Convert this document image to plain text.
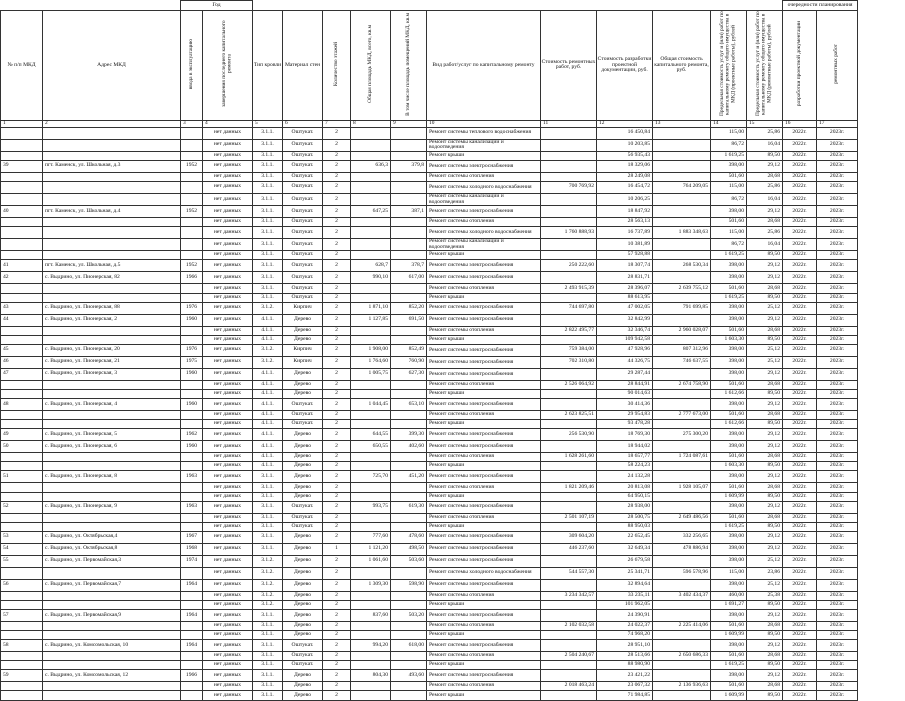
		Год													очередности планирования	
№ п/п МКД	Адрес МКД	ввода в эксплуатацию	завершения последнего капитального ремонта	Тип кровли	Материал стен	Количество этажей	Общая площадь МКД, всего, кв.м	В том числе площадь помещений МКД, кв.м	Вид работ/услуг по капитальному ремонту	Стоимость ремонтных работ, руб.	Стоимость разработки проектной документации, руб.	Общая стоимость капитального ремонта, руб.	Предельная стоимость услуг и (или) работ по капитальному ремонту общего имущества в МКД (проектные работы), рублей	Предельная стоимость услуг и (или) работ по капитальному ремонту общего имущества в МКД (ремонтные работы), рублей	разработки проектной документации	ремонтных работ
1	2	3	4	5	6	7	8	9	10	11	12	13	14	15	16	17
			нет данных	3.1.1.	Оштукат.	2			Ремонт системы теплового водоснабжения		16 450,84		115,00	25,86	2022г.	2023г.
			нет данных	3.1.1.	Оштукат.	2			Ремонт системы канализации и водоотведения		10 203,85		86,72	16,04	2022г.	2023г.
			нет данных	3.1.1.	Оштукат.	2			Ремонт крыши		56 935,43		1 619,25	89,50	2022г.	2023г.
39	пгт. Каменск, ул. Школьная, д.3	1952	нет данных	3.1.1.	Оштукат.	2	636,3	379,8	Ремонт системы электроснабжения		18 329,06		398,00	29,12	2022г.	2023г.
			нет данных	3.1.1.	Оштукат.	2			Ремонт системы отопления		28 249,08		501,60	28,68	2022г.	2023г.
			нет данных	3.1.1.	Оштукат.	2			Ремонт системы холодного водоснабжения	700 769,92	16 454,72	764 209,05	115,00	25,86	2022г.	2023г.
			нет данных	3.1.1.	Оштукат.	2			Ремонт системы канализации и водоотведения		10 206,25		86,72	16,04	2022г.	2023г.
40	пгт. Каменск, ул. Школьная, д.4	1952	нет данных	3.1.1.	Оштукат.	2	647,25	387,1	Ремонт системы электроснабжения		18 847,92		398,00	29,12	2022г.	2023г.
			нет данных	3.1.1.	Оштукат.	2			Ремонт системы отопления		28 563,13		501,60	28,68	2022г.	2023г.
			нет данных	3.1.1.	Оштукат.	2			Ремонт системы холодного водоснабжения	1 760 888,93	16 737,89	1 883 348,63	115,00	25,86	2022г.	2023г.
			нет данных	3.1.1.	Оштукат.	2			Ремонт системы канализации и водоотведения		10 381,89		86,72	16,04	2022г.	2023г.
			нет данных	3.1.1.	Оштукат.	2			Ремонт крыши		57 928,88		1 619,25	89,50	2022г.	2023г.
41	пгт. Каменск, ул. Школьная, д.5	1952	нет данных	3.1.1.	Оштукат.	2	628,7	378,7	Ремонт системы электроснабжения	250 222,60	18 307,74	268 530,34	398,00	29,12	2022г.	2023г.
42	с. Выдрино, ул. Пионерская, 82	1966	нет данных	3.1.1.	Оштукат.	2	990,10	617,00	Ремонт системы электроснабжения		28 831,71		398,00	29,12	2022г.	2023г.
			нет данных	3.1.1.	Оштукат.	2			Ремонт системы отопления	2 493 915,39	28 396,07	2 639 755,12	501,60	28,68	2022г.	2023г.
			нет данных	3.1.1.	Оштукат.	2			Ремонт крыши		88 613,95		1 619,25	89,50	2022г.	2023г.
43	с. Выдрино, ул. Пионерская, 88	1976	нет данных	3.1.2.	Кирпич	2	1 871,10	852,20	Ремонт системы электроснабжения	744 697,80	47 002,05	791 699,85	398,00	25,12	2022г.	2023г.
44	с. Выдрино, ул. Пионерская, 2	1960	нет данных	4.1.1.	Дерево	2	1 127,85	691,50	Ремонт системы электроснабжения		32 842,99		398,00	29,12	2022г.	2023г.
			нет данных	4.1.1.	Дерево	2			Ремонт системы отопления	2 822 495,77	32 346,74	2 960 028,07	501,60	28,68	2022г.	2023г.
			нет данных	4.1.1.	Дерево	2			Ремонт крыши		109 942,58		1 603,30	89,50	2022г.	2023г.
45	с. Выдрино, ул. Пионерская, 20	1976	нет данных	3.1.2.	Кирпич	2	1 908,00	852,49	Ремонт системы электроснабжения	759 384,00	47 928,96	807 312,96	398,00	25,12	2022г.	2023г.
46	с. Выдрино, ул. Пионерская, 21	1975	нет данных	3.1.2.	Кирпич	2	1 764,60	760,90	Ремонт системы электроснабжения	702 310,80	44 326,75	746 637,55	398,00	25,12	2022г.	2023г.
47	с. Выдрино, ул. Пионерская, 3	1960	нет данных	4.1.1.	Дерево	2	1 005,75	627,30	Ремонт системы электроснабжения		29 287,44		398,00	29,12	2022г.	2023г.
			нет данных	4.1.1.	Дерево	2			Ремонт системы отопления	2 526 064,92	28 844,91	2 674 758,90	501,60	28,68	2022г.	2023г.
			нет данных	4.1.1.	Дерево	2			Ремонт крыши		90 014,63		1 612,66	89,50	2022г.	2023г.
48	с. Выдрино, ул. Пионерская, 4	1960	нет данных	4.1.1.	Оштукат.	2	1 044,45	653,10	Ремонт системы электроснабжения		30 414,36		398,00	29,12	2022г.	2023г.
			нет данных	4.1.1.	Оштукат.	2			Ремонт системы отопления	2 623 825,51	29 954,83	2 777 673,00	501,60	28,68	2022г.	2023г.
			нет данных	4.1.1.	Оштукат.	2			Ремонт крыши		93 478,28		1 612,66	89,50	2022г.	2023г.
49	с. Выдрино, ул. Пионерская, 5	1962	нет данных	4.1.1.	Дерево	2	644,55	399,30	Ремонт системы электроснабжения	256 530,90	18 769,30	275 300,20	398,00	29,12	2022г.	2023г.
50	с. Выдрино, ул. Пионерская, 6	1960	нет данных	4.1.1.	Дерево	2	650,55	402,60	Ремонт системы электроснабжения		18 944,02		398,00	29,12	2022г.	2023г.
			нет данных	4.1.1.	Дерево	2			Ремонт системы отопления	1 628 261,60	18 657,77	1 724 087,61	501,60	28,68	2022г.	2023г.
			нет данных	4.1.1.	Дерево	2			Ремонт крыши		58 224,23		1 603,30	89,50	2022г.	2023г.
51	с. Выдрино, ул. Пионерская, 8	1963	нет данных	3.1.1.	Дерево	2	725,70	451,20	Ремонт системы электроснабжения		24 132,28		398,00	29,12	2022г.	2023г.
			нет данных	3.1.1.	Дерево	2			Ремонт системы отопления	1 821 209,46	20 813,08	1 928 105,07	501,60	28,68	2022г.	2023г.
			нет данных	3.1.1.	Дерево	2			Ремонт крыши		64 950,15		1 609,99	89,50	2022г.	2023г.
52	с. Выдрино, ул. Пионерская, 9	1963	нет данных	3.1.1.	Оштукат.	2	993,75	619,30	Ремонт системы электроснабжения		28 938,00		398,00	29,12	2022г.	2023г.
			нет данных	3.1.1.	Оштукат.	2			Ремонт системы отопления	2 501 107,19	28 500,75	2 649 486,56	501,60	28,68	2022г.	2023г.
			нет данных	3.1.1.	Оштукат.	2			Ремонт крыши		88 950,03		1 619,25	89,50	2022г.	2023г.
53	с. Выдрино, ул. Октябрьская,4	1967	нет данных	3.1.1.	Дерево	2	777,60	478,60	Ремонт системы электроснабжения	309 604,20	22 652,45	332 256,65	398,00	29,12	2022г.	2023г.
54	с. Выдрино, ул. Октябрьская,8	1968	нет данных	3.1.1.	Дерево	1	1 121,20	498,50	Ремонт системы электроснабжения	446 237,60	32 649,34	478 886,94	398,00	29,12	2022г.	2023г.
55	с. Выдрино, ул. Первомайская,3	1974	нет данных	3.1.2.	Дерево	2	1 061,60	503,60	Ремонт системы электроснабжения		26 679,58		398,00	25,12	2022г.	2023г.
			нет данных	3.1.2.	Дерево	2			Ремонт системы холодного водоснабжения	544 557,30	25 341,71	596 578,96	115,00	23,86	2022г.	2023г.
56	с. Выдрино, ул. Первомайская,7	1964	нет данных	3.1.2.	Дерево	2	1 309,30	598,90	Ремонт системы электроснабжения		32 894,64		398,00	25,12	2022г.	2023г.
			нет данных	3.1.2.	Дерево	2			Ремонт системы отопления	3 234 342,57	33 235,11	3 402 434,37	460,00	25,38	2022г.	2023г.
			нет данных	3.1.2.	Дерево	2			Ремонт крыши		101 962,05		1 691,27	89,50	2022г.	2023г.
57	с. Выдрино, ул. Первомайская,9	1964	нет данных	3.1.1.	Дерево	2	837,60	503,20	Ремонт системы электроснабжения		24 390,91		398,00	29,12	2022г.	2023г.
			нет данных	3.1.1.	Дерево	2			Ремонт системы отопления	2 102 032,58	24 022,37	2 225 414,06	501,60	28,68	2022г.	2023г.
			нет данных	3.1.1.	Дерево	2			Ремонт крыши		74 968,20		1 609,99	89,50	2022г.	2023г.
58	с. Выдрино, ул. Комсомольская, 10	1964	нет данных	3.1.1.	Оштукат.	2	994,20	618,00	Ремонт системы электроснабжения		28 951,10		398,00	29,12	2022г.	2023г.
			нет данных	3.1.1.	Оштукат.	2			Ремонт системы отопления	2 504 240,67	28 513,66	2 650 686,33	501,60	28,68	2022г.	2023г.
			нет данных	3.1.1.	Оштукат.	2			Ремонт крыши		88 980,90		1 619,25	89,50	2022г.	2023г.
59	с. Выдрино, ул. Комсомольская, 12	1966	нет данных	3.1.1.	Дерево	2	804,30	493,60	Ремонт системы электроснабжения		23 421,22		398,00	29,12	2022г.	2023г.
			нет данных	3.1.1.	Дерево	2			Ремонт системы отопления	2 018 463,24	23 067,32	2 136 936,63	501,60	28,68	2022г.	2023г.
			нет данных	3.1.1.	Дерево	2			Ремонт крыши		71 984,85		1 609,99	89,50	2022г.	2023г.
